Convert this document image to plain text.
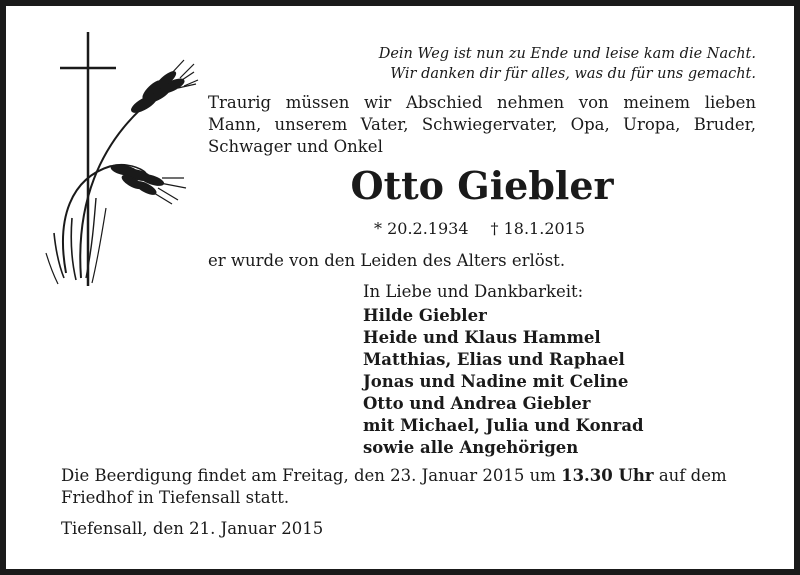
Dein Weg ist nun zu Ende und leise kam die Nacht.
Wir danken dir für alles, was du für uns gemacht.
Traurig müssen wir Abschied nehmen von meinem lieben
Mann, unserem Vater, Schwiegervater, Opa, Uropa, Bruder,
Schwager und Onkel
Otto Giebler
* 20.2.1934 † 18.1.2015
er wurde von den Leiden des Alters erlöst.
In Liebe und Dankbarkeit:
Hilde Giebler
Heide und Klaus Hammel
Matthias, Elias und Raphael
Jonas und Nadine mit Celine
Otto und Andrea Giebler
mit Michael, Julia und Konrad
sowie alle Angehörigen
Die Beerdigung findet am Freitag, den 23. Januar 2015 um 13.30 Uhr auf dem Friedhof in Tiefensall statt.
Tiefensall, den 21. Januar 2015
